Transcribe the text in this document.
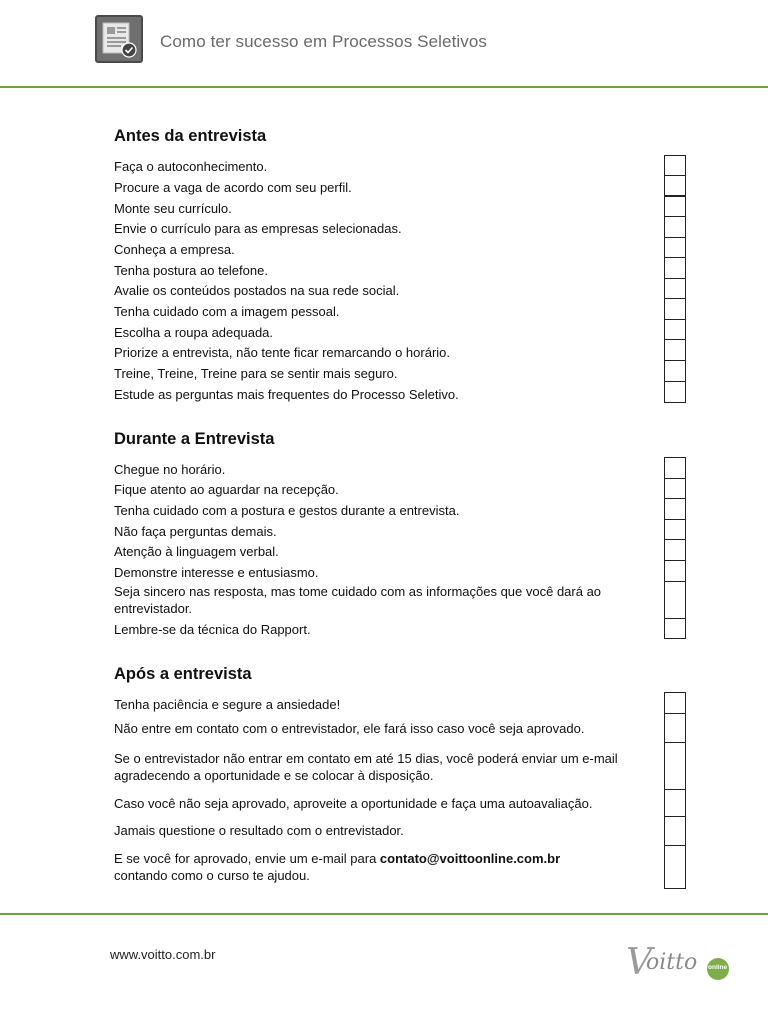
Como ter sucesso em Processos Seletivos
Antes da entrevista
Faça o autoconhecimento.
Procure a vaga de acordo com seu perfil.
Monte seu currículo.
Envie o currículo para as empresas selecionadas.
Conheça a empresa.
Tenha postura ao telefone.
Avalie os conteúdos postados na sua rede social.
Tenha cuidado com a imagem pessoal.
Escolha a roupa adequada.
Priorize a entrevista, não tente ficar remarcando o horário.
Treine, Treine, Treine para se sentir mais seguro.
Estude as perguntas mais frequentes do Processo Seletivo.
Durante a Entrevista
Chegue no horário.
Fique atento ao aguardar na recepção.
Tenha cuidado com a postura e gestos durante a entrevista.
Não faça perguntas demais.
Atenção à linguagem verbal.
Demonstre interesse e entusiasmo.
Seja sincero nas resposta, mas tome cuidado com as informações que você dará ao entrevistador.
Lembre-se da técnica do Rapport.
Após a entrevista
Tenha paciência e segure a ansiedade!
Não entre em contato com o entrevistador, ele fará isso caso você seja aprovado.
Se o entrevistador não entrar em contato em até 15 dias, você poderá enviar um e-mail agradecendo a oportunidade e se colocar à disposição.
Caso você não seja aprovado, aproveite a oportunidade e faça uma autoavaliação.
Jamais questione o resultado com o entrevistador.
E se você for aprovado, envie um e-mail para contato@voittoonline.com.br
contando como o curso te ajudou.
www.voitto.com.br	V
oitto online
